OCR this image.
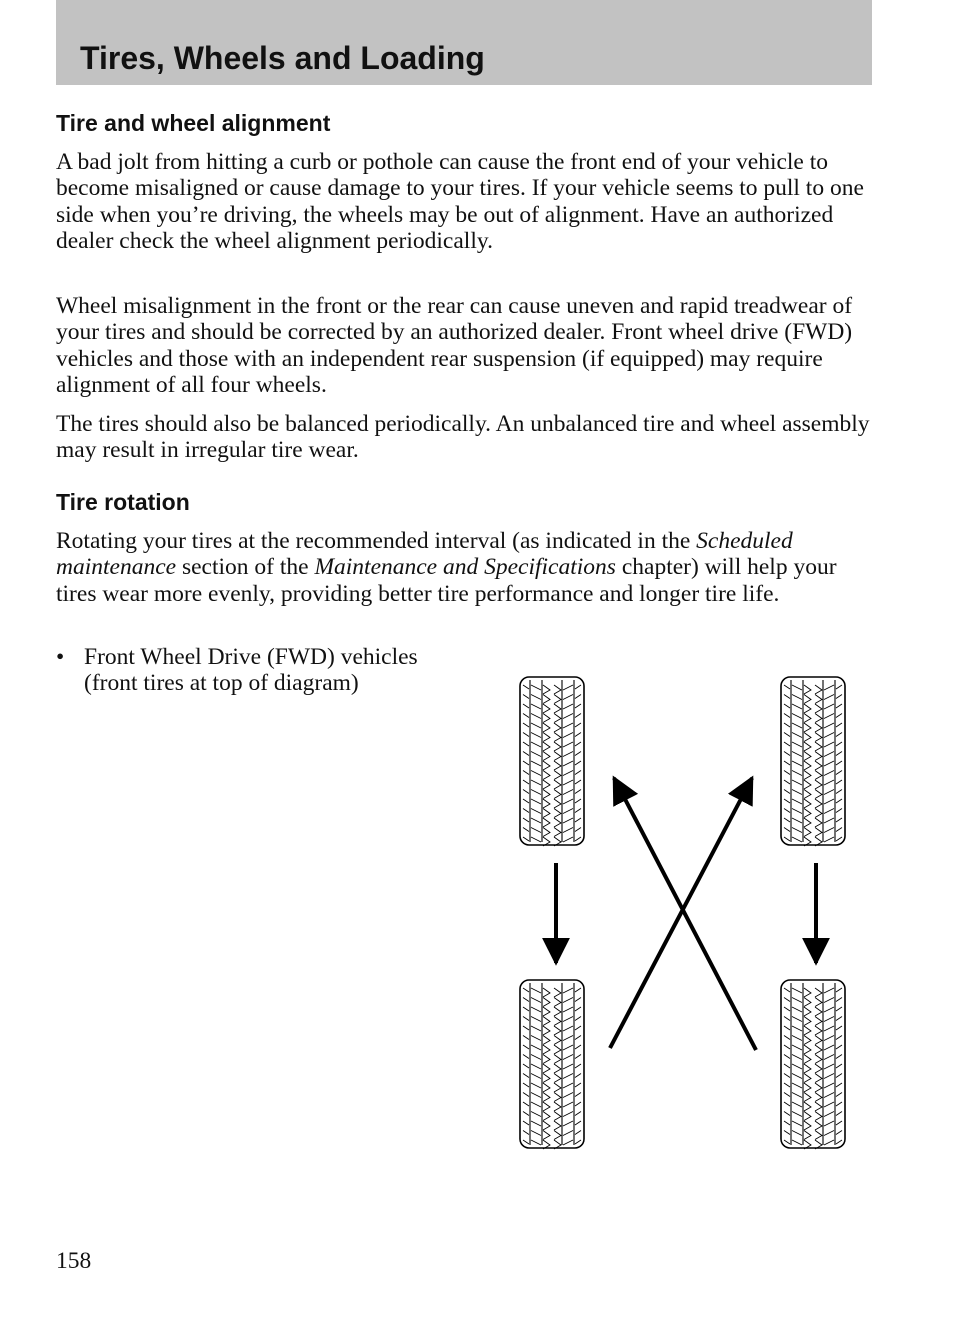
Tires, Wheels and Loading
Tire and wheel alignment

A bad jolt from hitting a curb or pothole can cause the front end of your vehicle to become misaligned or cause damage to your tires. If your vehicle seems to pull to one side when you’re driving, the wheels may be out of alignment. Have an authorized dealer check the wheel alignment periodically.

Wheel misalignment in the front or the rear can cause uneven and rapid treadwear of your tires and should be corrected by an authorized dealer. Front wheel drive (FWD) vehicles and those with an independent rear suspension (if equipped) may require alignment of all four wheels.

The tires should also be balanced periodically. An unbalanced tire and wheel assembly may result in irregular tire wear.

Tire rotation

Rotating your tires at the recommended interval (as indicated in the Scheduled maintenance section of the Maintenance and Specifications chapter) will help your tires wear more evenly, providing better tire performance and longer tire life.

• Front Wheel Drive (FWD) vehicles (front tires at top of diagram)

158
